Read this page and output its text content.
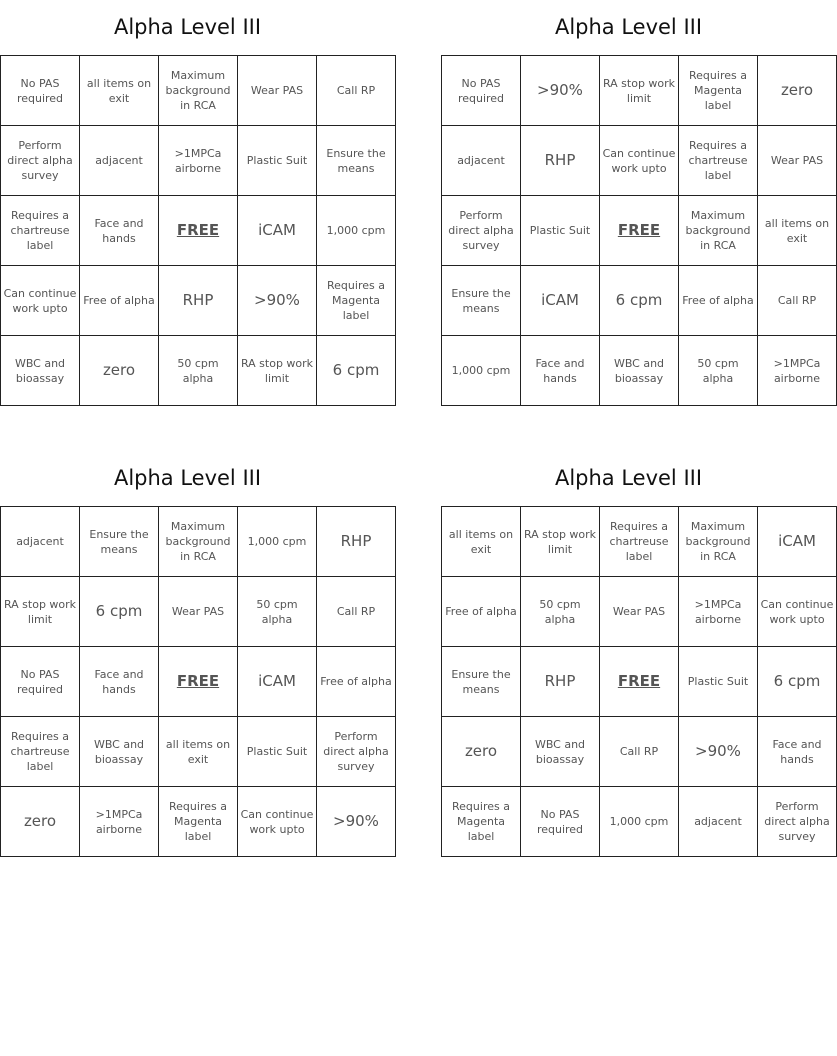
Alpha Level III
No PAS required	all items on exit	Maximum background in RCA	Wear PAS	Call RP
Perform direct alpha survey	adjacent	>1MPCa airborne	Plastic Suit	Ensure the means
Requires a chartreuse label	Face and hands	FREE	iCAM	1,000 cpm
Can continue work upto	Free of alpha	RHP	>90%	Requires a Magenta label
WBC and bioassay	zero	50 cpm alpha	RA stop work limit	6 cpm
Alpha Level III
No PAS required	>90%	RA stop work limit	Requires a Magenta label	zero
adjacent	RHP	Can continue work upto	Requires a chartreuse label	Wear PAS
Perform direct alpha survey	Plastic Suit	FREE	Maximum background in RCA	all items on exit
Ensure the means	iCAM	6 cpm	Free of alpha	Call RP
1,000 cpm	Face and hands	WBC and bioassay	50 cpm alpha	>1MPCa airborne
Alpha Level III
adjacent	Ensure the means	Maximum background in RCA	1,000 cpm	RHP
RA stop work limit	6 cpm	Wear PAS	50 cpm alpha	Call RP
No PAS required	Face and hands	FREE	iCAM	Free of alpha
Requires a chartreuse label	WBC and bioassay	all items on exit	Plastic Suit	Perform direct alpha survey
zero	>1MPCa airborne	Requires a Magenta label	Can continue work upto	>90%
Alpha Level III
all items on exit	RA stop work limit	Requires a chartreuse label	Maximum background in RCA	iCAM
Free of alpha	50 cpm alpha	Wear PAS	>1MPCa airborne	Can continue work upto
Ensure the means	RHP	FREE	Plastic Suit	6 cpm
zero	WBC and bioassay	Call RP	>90%	Face and hands
Requires a Magenta label	No PAS required	1,000 cpm	adjacent	Perform direct alpha survey
